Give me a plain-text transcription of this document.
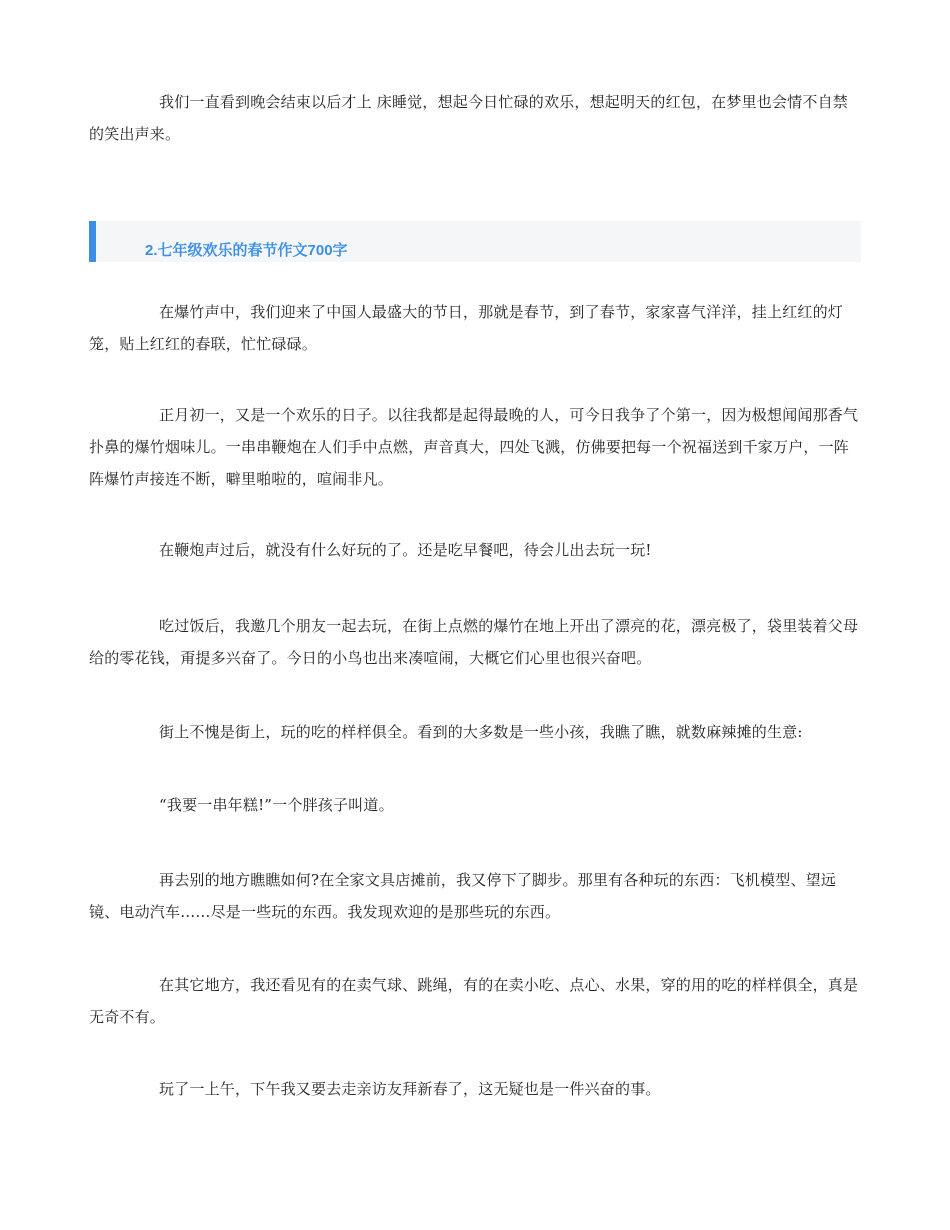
我们一直看到晚会结束以后才上 床睡觉，想起今日忙碌的欢乐，想起明天的红包，在梦里也会情不自禁的笑出声来。

2.七年级欢乐的春节作文700字

在爆竹声中，我们迎来了中国人最盛大的节日，那就是春节，到了春节，家家喜气洋洋，挂上红红的灯笼，贴上红红的春联，忙忙碌碌。

正月初一，又是一个欢乐的日子。以往我都是起得最晚的人，可今日我争了个第一，因为极想闻闻那香气扑鼻的爆竹烟味儿。一串串鞭炮在人们手中点燃，声音真大，四处飞溅，仿佛要把每一个祝福送到千家万户，一阵阵爆竹声接连不断，噼里啪啦的，喧闹非凡。

在鞭炮声过后，就没有什么好玩的了。还是吃早餐吧，待会儿出去玩一玩!

吃过饭后，我邀几个朋友一起去玩，在街上点燃的爆竹在地上开出了漂亮的花，漂亮极了，袋里装着父母给的零花钱，甭提多兴奋了。今日的小鸟也出来凑喧闹，大概它们心里也很兴奋吧。

街上不愧是街上，玩的吃的样样俱全。看到的大多数是一些小孩，我瞧了瞧，就数麻辣摊的生意:

“我要一串年糕!”一个胖孩子叫道。

再去别的地方瞧瞧如何?在全家文具店摊前，我又停下了脚步。那里有各种玩的东西：飞机模型、望远镜、电动汽车……尽是一些玩的东西。我发现欢迎的是那些玩的东西。

在其它地方，我还看见有的在卖气球、跳绳，有的在卖小吃、点心、水果，穿的用的吃的样样俱全，真是无奇不有。

玩了一上午，下午我又要去走亲访友拜新春了，这无疑也是一件兴奋的事。
